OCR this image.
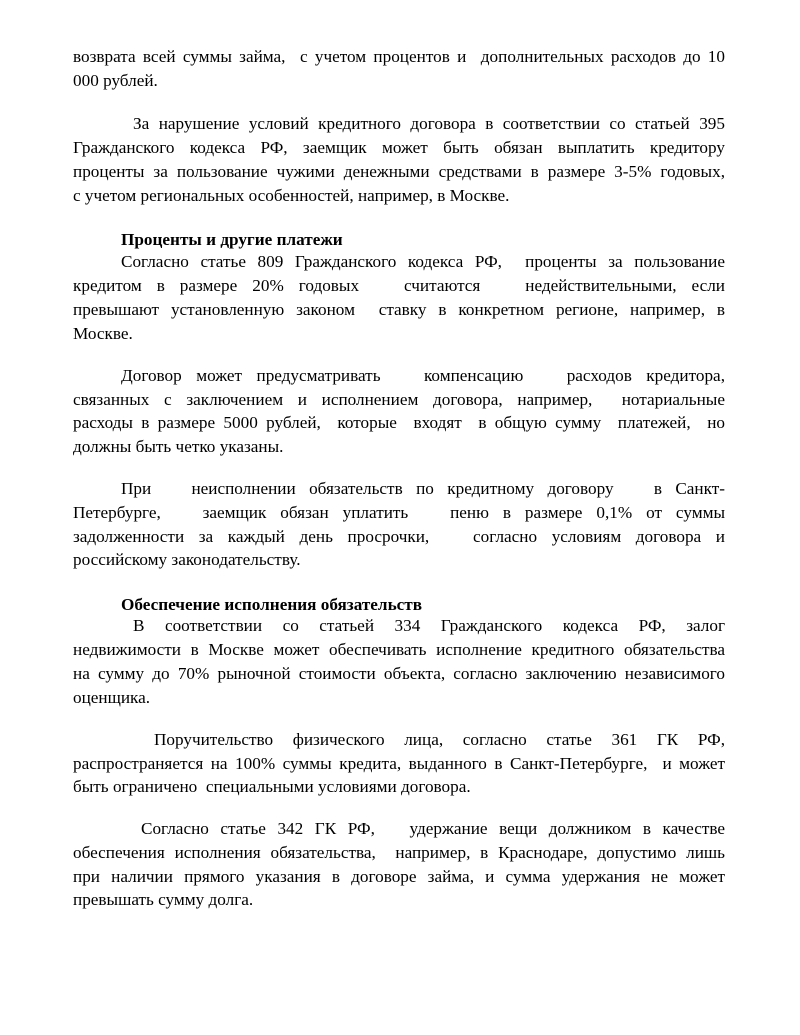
возврата всей суммы займа,  с учетом процентов и  дополнительных расходов до 10
000 рублей.
За нарушение условий кредитного договора в соответствии со статьей 395
Гражданского кодекса РФ, заемщик может быть обязан выплатить кредитору
проценты за пользование чужими денежными средствами в размере 3-5% годовых,
с учетом региональных особенностей, например, в Москве.
Проценты и другие платежи
Согласно статье 809 Гражданского кодекса РФ,  проценты за пользование
кредитом в размере 20% годовых   считаются   недействительными, если
превышают установленную законом  ставку в конкретном регионе, например, в
Москве.
Договор может предусматривать   компенсацию   расходов кредитора,
связанных с заключением и исполнением договора, например,  нотариальные
расходы в размере 5000 рублей,  которые  входят  в общую сумму  платежей,  но
должны быть четко указаны.
При   неисполнении обязательств по кредитному договору   в Санкт-
Петербурге,   заемщик обязан уплатить   пеню в размере 0,1% от суммы
задолженности за каждый день просрочки,   согласно условиям договора и
российскому законодательству.
Обеспечение исполнения обязательств
В соответствии со статьей 334 Гражданского кодекса РФ, залог
недвижимости в Москве может обеспечивать исполнение кредитного обязательства
на сумму до 70% рыночной стоимости объекта, согласно заключению независимого
оценщика.
Поручительство физического лица, согласно статье 361 ГК РФ,
распространяется на 100% суммы кредита, выданного в Санкт-Петербурге,  и может
быть ограничено  специальными условиями договора.
Согласно статье 342 ГК РФ,   удержание вещи должником в качестве
обеспечения исполнения обязательства,  например, в Краснодаре, допустимо лишь
при наличии прямого указания в договоре займа, и сумма удержания не может
превышать сумму долга.
